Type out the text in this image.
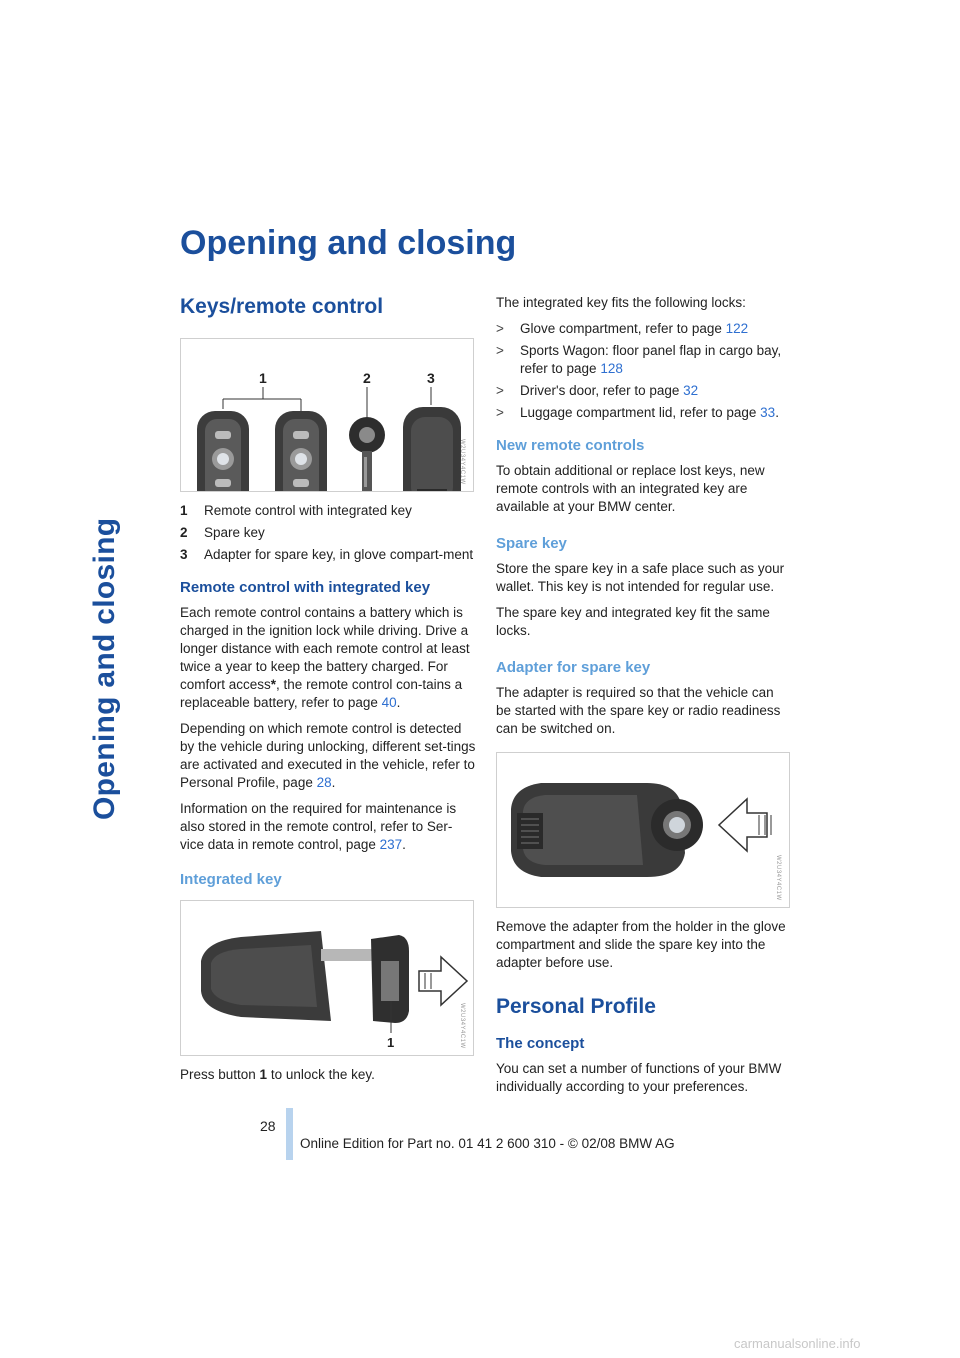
Opening and closing
Opening and closing
Keys/remote control
1	2	3
W2U34Y4C1W
1	Remote control with integrated key
2	Spare key
3	Adapter for spare key, in glove compart-ment
Remote control with integrated key

Each remote control contains a battery which is charged in the ignition lock while driving. Drive a longer distance with each remote control at least twice a year to keep the battery charged. For comfort access*, the remote control con-tains a replaceable battery, refer to page 40.

Depending on which remote control is detected by the vehicle during unlocking, different set-tings are activated and executed in the vehicle, refer to Personal Profile, page 28.

Information on the required for maintenance is also stored in the remote control, refer to Ser-vice data in remote control, page 237.

Integrated key
1	W2U34Y4C1W

Press button 1 to unlock the key.

The integrated key fits the following locks:

>	Glove compartment, refer to page 122
>	Sports Wagon: floor panel flap in cargo bay, refer to page 128
>	Driver's door, refer to page 32
>	Luggage compartment lid, refer to page 33.
New remote controls

To obtain additional or replace lost keys, new remote controls with an integrated key are available at your BMW center.

Spare key

Store the spare key in a safe place such as your wallet. This key is not intended for regular use.

The spare key and integrated key fit the same locks.

Adapter for spare key

The adapter is required so that the vehicle can be started with the spare key or radio readiness can be switched on.

W2U34Y4C1W

Remove the adapter from the holder in the glove compartment and slide the spare key into the adapter before use.

Personal Profile
The concept

You can set a number of functions of your BMW individually according to your preferences.

28
Online Edition for Part no. 01 41 2 600 310 - © 02/08 BMW AG
carmanualsonline.info
